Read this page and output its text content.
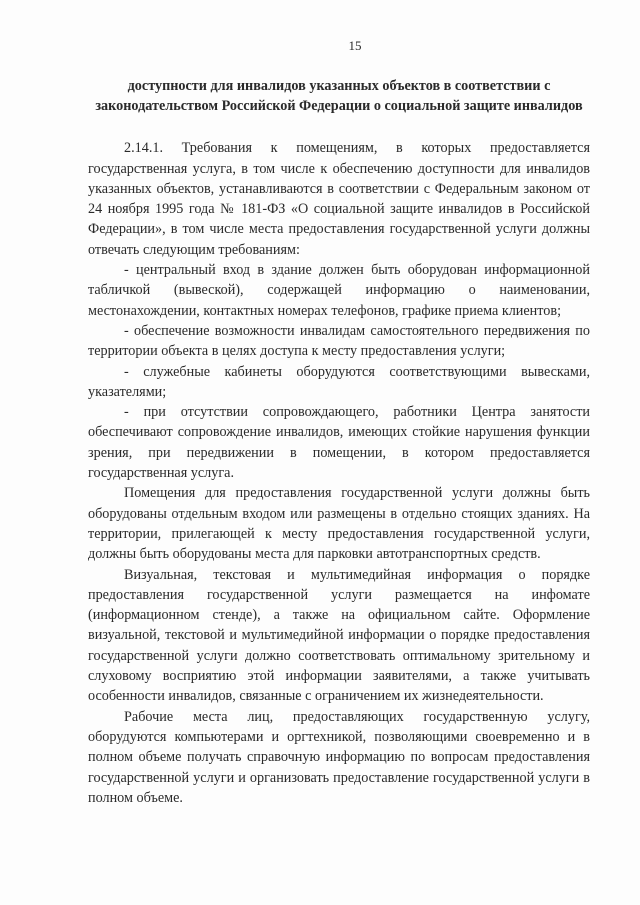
15
доступности для инвалидов указанных объектов в соответствии с законодательством Российской Федерации о социальной защите инвалидов

2.14.1. Требования к помещениям, в которых предоставляется государственная услуга, в том числе к обеспечению доступности для инвалидов указанных объектов, устанавливаются в соответствии с Федеральным законом от 24 ноября 1995 года № 181-ФЗ «О социальной защите инвалидов в Российской Федерации», в том числе места предоставления государственной услуги должны отвечать следующим требованиям:

- центральный вход в здание должен быть оборудован информационной табличкой (вывеской), содержащей информацию о наименовании, местонахождении, контактных номерах телефонов, графике приема клиентов;

- обеспечение возможности инвалидам самостоятельного передвижения по территории объекта в целях доступа к месту предоставления услуги;

- служебные кабинеты оборудуются соответствующими вывесками, указателями;

- при отсутствии сопровождающего, работники Центра занятости обеспечивают сопровождение инвалидов, имеющих стойкие нарушения функции зрения, при передвижении в помещении, в котором предоставляется государственная услуга.

Помещения для предоставления государственной услуги должны быть оборудованы отдельным входом или размещены в отдельно стоящих зданиях. На территории, прилегающей к месту предоставления государственной услуги, должны быть оборудованы места для парковки автотранспортных средств.

Визуальная, текстовая и мультимедийная информация о порядке предоставления государственной услуги размещается на инфомате (информационном стенде), а также на официальном сайте. Оформление визуальной, текстовой и мультимедийной информации о порядке предоставления государственной услуги должно соответствовать оптимальному зрительному и слуховому восприятию этой информации заявителями, а также учитывать особенности инвалидов, связанные с ограничением их жизнедеятельности.

Рабочие места лиц, предоставляющих государственную услугу, оборудуются компьютерами и оргтехникой, позволяющими своевременно и в полном объеме получать справочную информацию по вопросам предоставления государственной услуги и организовать предоставление государственной услуги в полном объеме.
